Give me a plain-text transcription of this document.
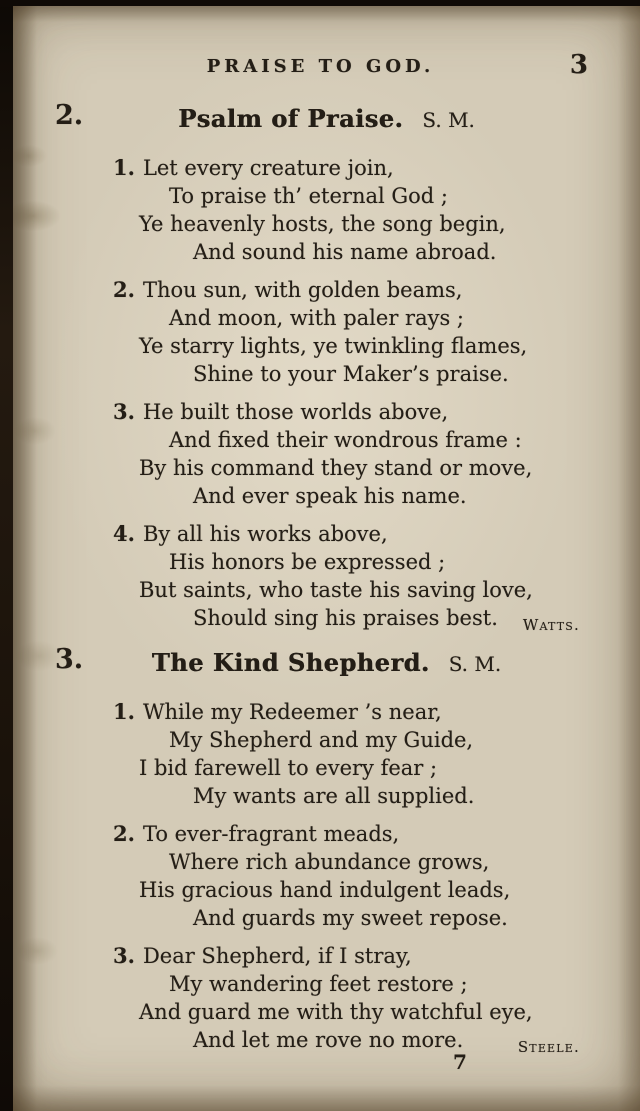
PRAISE TO GOD.	3
2.	Psalm of Praise. S. M.
1. Let every creature join,
To praise th’ eternal God ;
Ye heavenly hosts, the song begin,
And sound his name abroad.
2. Thou sun, with golden beams,
And moon, with paler rays ;
Ye starry lights, ye twinkling flames,
Shine to your Maker’s praise.
3. He built those worlds above,
And fixed their wondrous frame :
By his command they stand or move,
And ever speak his name.
4. By all his works above,
His honors be expressed ;
But saints, who taste his saving love,
Should sing his praises best.	Watts.
3.	The Kind Shepherd. S. M.
1. While my Redeemer ’s near,
My Shepherd and my Guide,
I bid farewell to every fear ;
My wants are all supplied.
2. To ever-fragrant meads,
Where rich abundance grows,
His gracious hand indulgent leads,
And guards my sweet repose.
3. Dear Shepherd, if I stray,
My wandering feet restore ;
And guard me with thy watchful eye,
And let me rove no more.	Steele.
7
